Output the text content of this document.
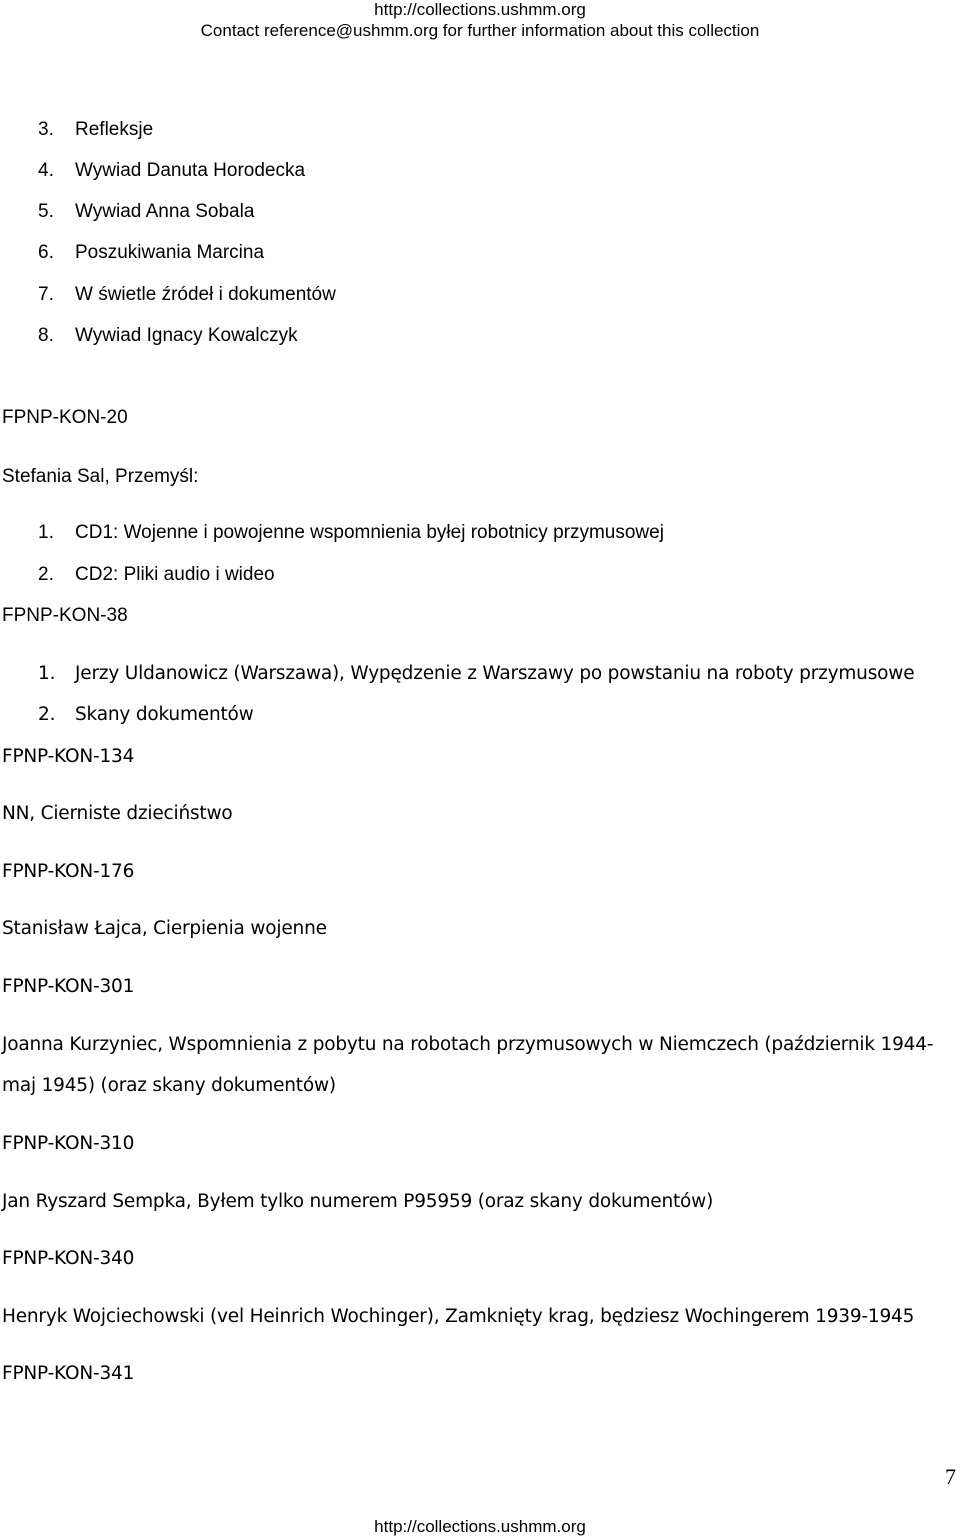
http://collections.ushmm.org
Contact reference@ushmm.org for further information about this collection
3. Refleksje
4. Wywiad Danuta Horodecka
5. Wywiad Anna Sobala
6. Poszukiwania Marcina
7. W świetle źródeł i dokumentów
8. Wywiad Ignacy Kowalczyk
FPNP-KON-20
Stefania Sal, Przemyśl:
1. CD1: Wojenne i powojenne wspomnienia byłej robotnicy przymusowej
2. CD2: Pliki audio i wideo
FPNP-KON-38
1. Jerzy Uldanowicz (Warszawa), Wypędzenie z Warszawy po powstaniu na roboty przymusowe
2. Skany dokumentów
FPNP-KON-134
NN, Cierniste dzieciństwo
FPNP-KON-176
Stanisław Łajca, Cierpienia wojenne
FPNP-KON-301
Joanna Kurzyniec, Wspomnienia z pobytu na robotach przymusowych w Niemczech (październik 1944-
maj 1945) (oraz skany dokumentów)
FPNP-KON-310
Jan Ryszard Sempka, Byłem tylko numerem P95959 (oraz skany dokumentów)
FPNP-KON-340
Henryk Wojciechowski (vel Heinrich Wochinger), Zamknięty krag, będziesz Wochingerem 1939-1945
FPNP-KON-341
7
http://collections.ushmm.org
